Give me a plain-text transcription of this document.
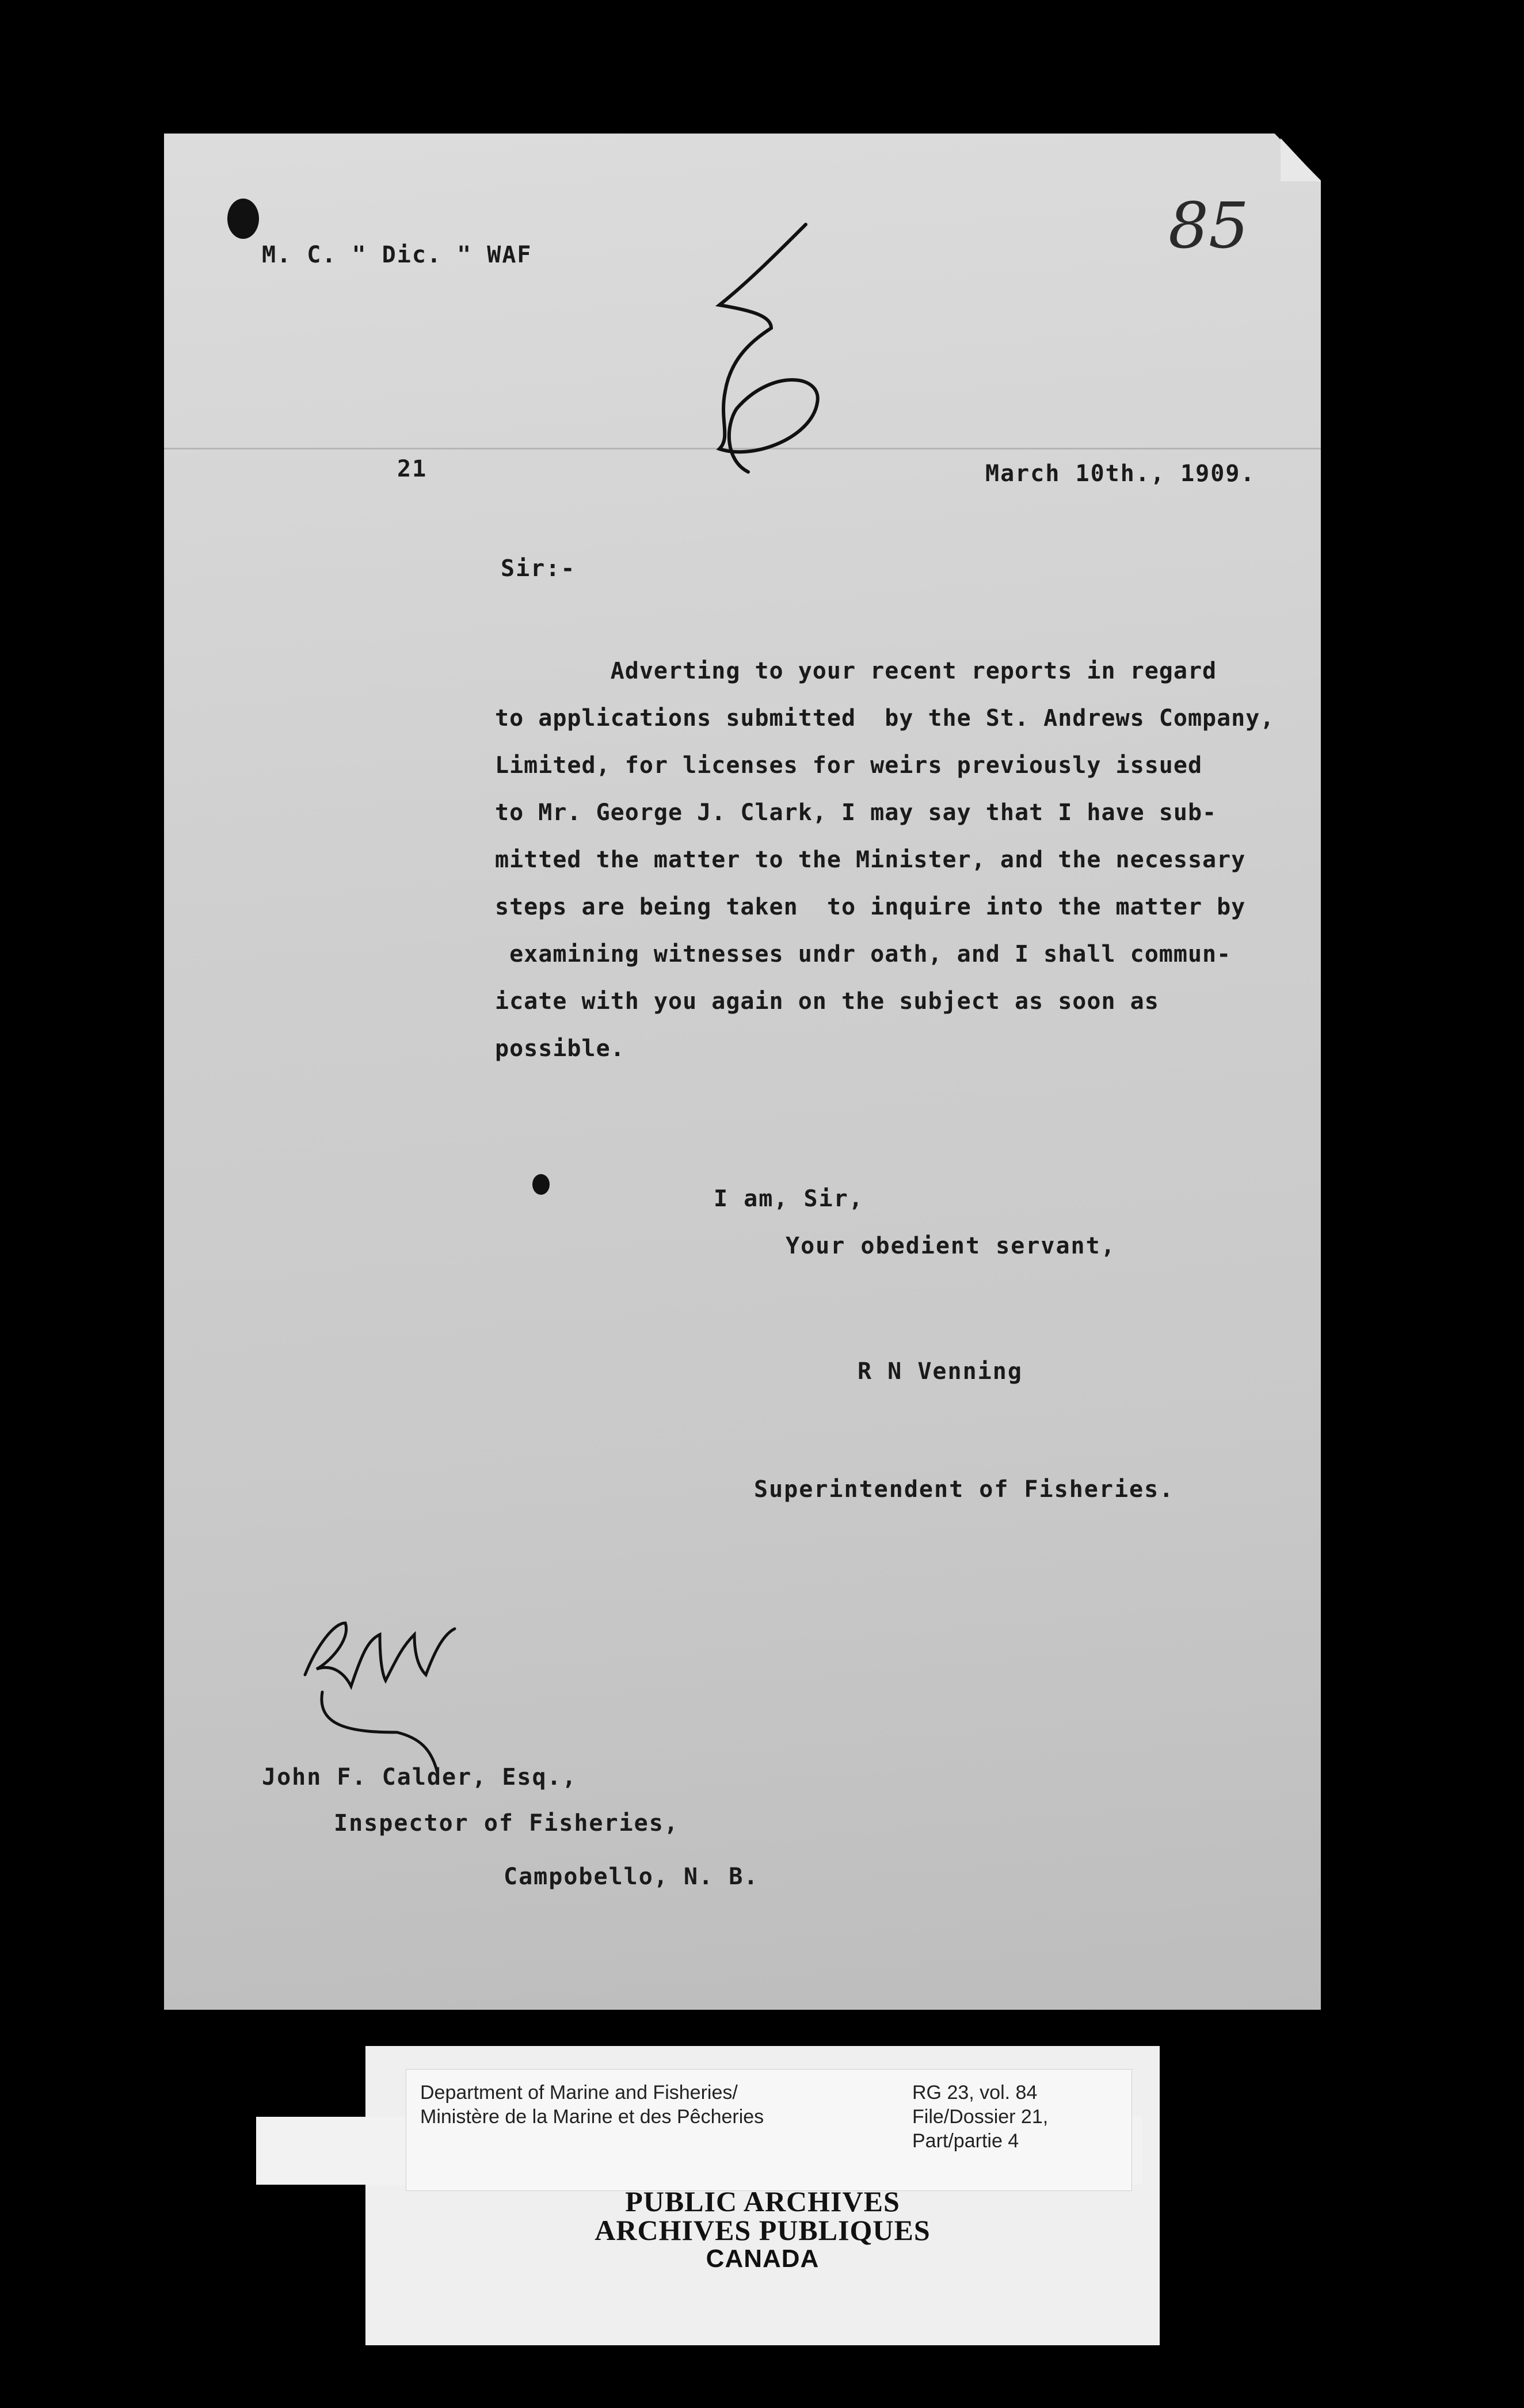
85
M. C. " Dic. " WAF
21	March 10th., 1909.
Sir:-
Adverting to your recent reports in regard
to applications submitted  by the St. Andrews Company,
Limited, for licenses for weirs previously issued
to Mr. George J. Clark, I may say that I have sub-
mitted the matter to the Minister, and the necessary
steps are being taken  to inquire into the matter by
examining witnesses undr oath, and I shall commun-
icate with you again on the subject as soon as
possible.
I am, Sir,
Your obedient servant,
R N Venning
Superintendent of Fisheries.
John F. Calder, Esq.,
Inspector of Fisheries,
Campobello, N. B.
Department of Marine and Fisheries/
Ministère de la Marine et des Pêcheries
RG 23, vol. 84
File/Dossier 21,
Part/partie 4
PUBLIC ARCHIVES
ARCHIVES PUBLIQUES
CANADA
